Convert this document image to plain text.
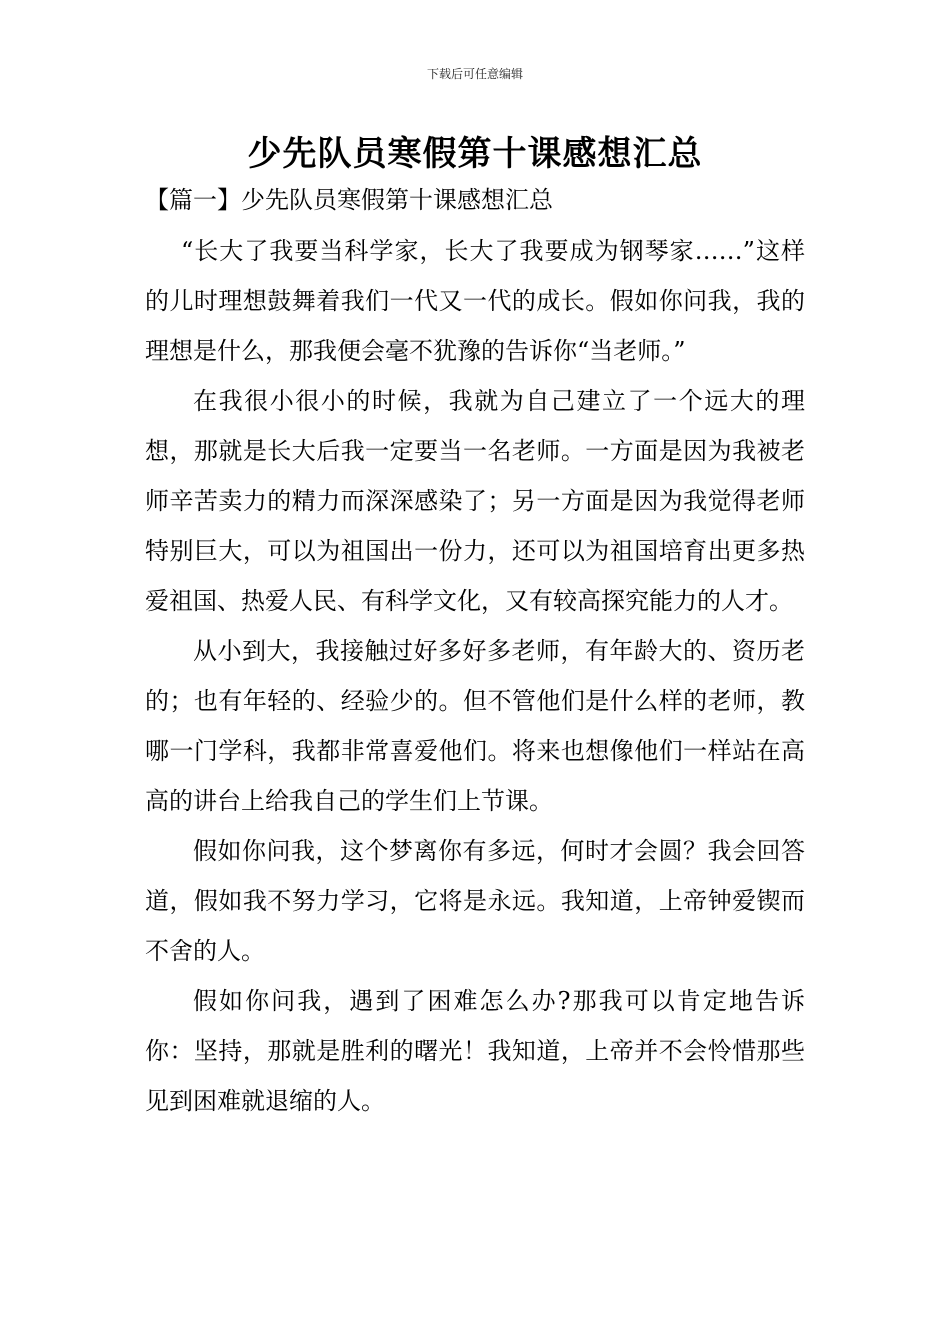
下载后可任意编辑
少先队员寒假第十课感想汇总
【篇一】少先队员寒假第十课感想汇总

“长大了我要当科学家，长大了我要成为钢琴家……”这样的儿时理想鼓舞着我们一代又一代的成长。假如你问我，我的理想是什么，那我便会毫不犹豫的告诉你“当老师。”

在我很小很小的时候，我就为自己建立了一个远大的理想，那就是长大后我一定要当一名老师。一方面是因为我被老师辛苦卖力的精力而深深感染了；另一方面是因为我觉得老师特别巨大，可以为祖国出一份力，还可以为祖国培育出更多热爱祖国、热爱人民、有科学文化，又有较高探究能力的人才。

从小到大，我接触过好多好多老师，有年龄大的、资历老的；也有年轻的、经验少的。但不管他们是什么样的老师，教哪一门学科，我都非常喜爱他们。将来也想像他们一样站在高高的讲台上给我自己的学生们上节课。

假如你问我，这个梦离你有多远，何时才会圆？我会回答道，假如我不努力学习，它将是永远。我知道，上帝钟爱锲而不舍的人。

假如你问我，遇到了困难怎么办?那我可以肯定地告诉你：坚持，那就是胜利的曙光！我知道，上帝并不会怜惜那些见到困难就退缩的人。
